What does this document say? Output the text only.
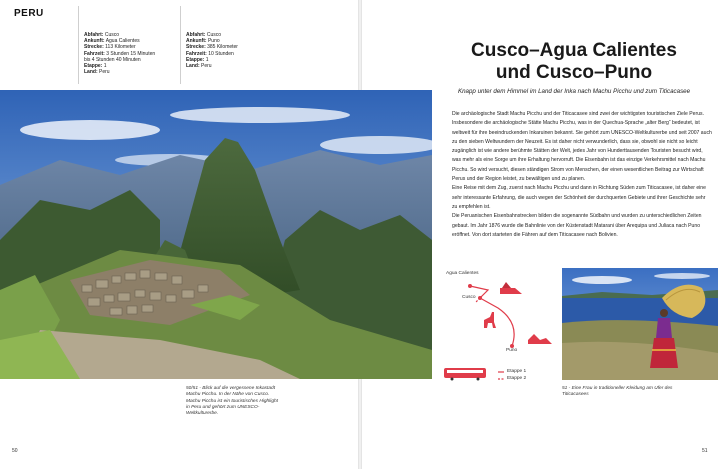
PERU
Abfahrt: Cusco
Ankunft: Agua Calientes
Strecke: 113 Kilometer
Fahrzeit: 3 Stunden 15 Minuten
bis 4 Stunden 40 Minuten
Etappe: 1
Land: Peru
Abfahrt: Cusco
Ankunft: Puno
Strecke: 385 Kilometer
Fahrzeit: 10 Stunden
Etappe: 1
Land: Peru
50/51 - Blick auf die vergessene Inkastadt Machu Picchu. In der Nähe von Cusco. Machu Picchu ist ein touristisches Highlight in Peru und gehört zum UNESCO-Weltkulturerbe.
50
Cusco–Agua Calientes
und Cusco–Puno
Knapp unter dem Himmel im Land der Inka nach Machu Picchu und zum Titicacasee

Die archäologische Stadt Machu Picchu und der Titicacasee sind zwei der wichtigsten touristischen Ziele Perus. Insbesondere die archäologische Stätte Machu Picchu, was in der Quechua-Sprache „alter Berg“ bedeutet, ist weltweit für ihre beeindruckenden Inkaruinen bekannt. Sie gehört zum UNESCO-Weltkulturerbe und seit 2007 auch zu den sieben Weltwundern der Neuzeit. Es ist daher nicht verwunderlich, dass sie, obwohl sie nicht so leicht zugänglich ist wie andere berühmte Stätten der Welt, jedes Jahr von Hunderttausenden Touristen besucht wird, was mehr als eine Sorge um ihre Erhaltung hervorruft. Die Eisenbahn ist das einzige Verkehrsmittel nach Machu Picchu. So wird versucht, diesen ständigen Strom von Menschen, der einen wesentlichen Beitrag zur Wirtschaft Perus und der Region leistet, zu bewältigen und zu planen.

Eine Reise mit dem Zug, zuerst nach Machu Picchu und dann in Richtung Süden zum Titicacasee, ist daher eine sehr interessante Erfahrung, die auch wegen der Schönheit der durchquerten Gebiete und ihrer Geschichte sehr zu empfehlen ist.

Die Peruanischen Eisenbahnstrecken bilden die sogenannte Südbahn und wurden zu unterschiedlichen Zeiten gebaut. Im Jahr 1876 wurde die Bahnlinie von der Küstenstadt Matarani über Arequipa und Juliaca nach Puno eröffnet. Von dort starteten die Fähren auf dem Titicacasee nach Bolivien.

Agua Calientes
Cusco
Puno
Etappe 1
Etappe 2
51 - Eine Frau in traditioneller Kleidung am Ufer des Titicacasees
51
